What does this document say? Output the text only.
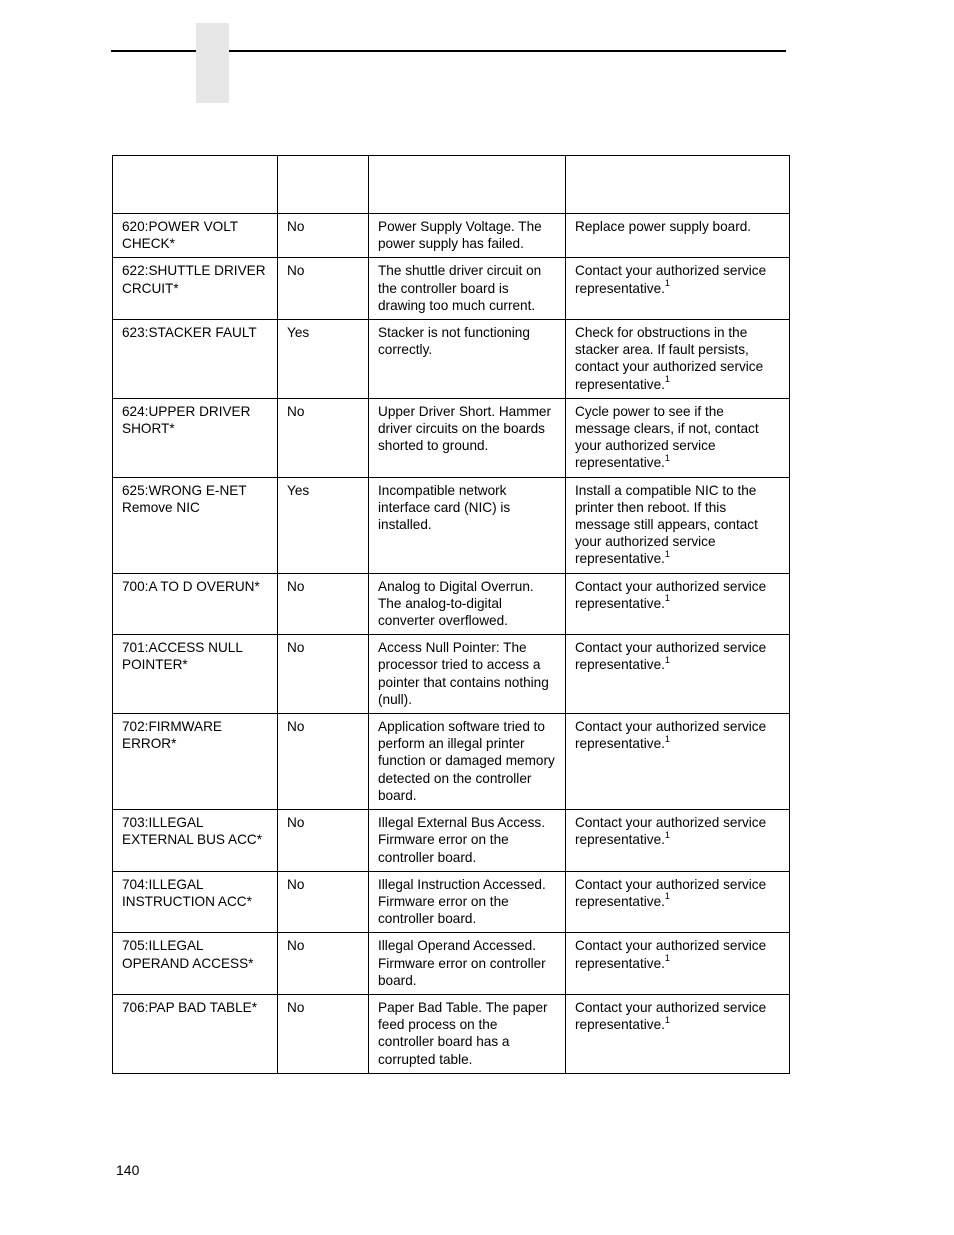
620:POWER VOLT CHECK*	No	Power Supply Voltage. The power supply has failed.	Replace power supply board.
622:SHUTTLE DRIVER CRCUIT*	No	The shuttle driver circuit on the controller board is drawing too much current.	Contact your authorized service representative.$^1$
623:STACKER FAULT	Yes	Stacker is not functioning correctly.	Check for obstructions in the stacker area. If fault persists, contact your authorized service representative.$^1$
624:UPPER DRIVER SHORT*	No	Upper Driver Short. Hammer driver circuits on the boards shorted to ground.	Cycle power to see if the message clears, if not, contact your authorized service representative.$^1$
625:WRONG E-NET Remove NIC	Yes	Incompatible network interface card (NIC) is installed.	Install a compatible NIC to the printer then reboot. If this message still appears, contact your authorized service representative.$^1$
700:A TO D OVERUN*	No	Analog to Digital Overrun. The analog-to-digital converter overflowed.	Contact your authorized service representative.$^1$
701:ACCESS NULL POINTER*	No	Access Null Pointer: The processor tried to access a pointer that contains nothing (null).	Contact your authorized service representative.$^1$
702:FIRMWARE ERROR*	No	Application software tried to perform an illegal printer function or damaged memory detected on the controller board.	Contact your authorized service representative.$^1$
703:ILLEGAL EXTERNAL BUS ACC*	No	Illegal External Bus Access. Firmware error on the controller board.	Contact your authorized service representative.$^1$
704:ILLEGAL INSTRUCTION ACC*	No	Illegal Instruction Accessed. Firmware error on the controller board.	Contact your authorized service representative.$^1$
705:ILLEGAL OPERAND ACCESS*	No	Illegal Operand Accessed. Firmware error on controller board.	Contact your authorized service representative.$^1$
706:PAP BAD TABLE*	No	Paper Bad Table. The paper feed process on the controller board has a corrupted table.	Contact your authorized service representative.$^1$
140
